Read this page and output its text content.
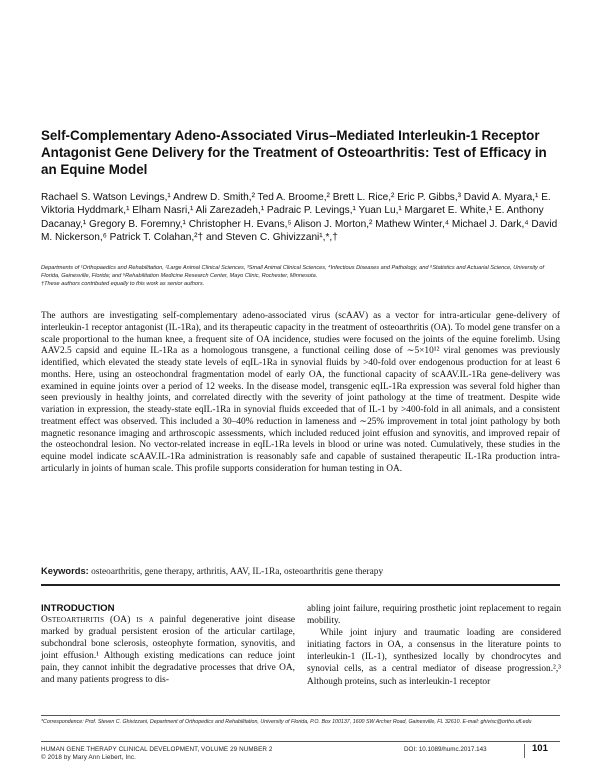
Self-Complementary Adeno-Associated Virus–Mediated Interleukin-1 Receptor Antagonist Gene Delivery for the Treatment of Osteoarthritis: Test of Efficacy in an Equine Model
Rachael S. Watson Levings,¹ Andrew D. Smith,² Ted A. Broome,² Brett L. Rice,² Eric P. Gibbs,³ David A. Myara,¹ E. Viktoria Hyddmark,¹ Elham Nasri,¹ Ali Zarezadeh,¹ Padraic P. Levings,¹ Yuan Lu,¹ Margaret E. White,¹ E. Anthony Dacanay,¹ Gregory B. Foremny,¹ Christopher H. Evans,⁵ Alison J. Morton,² Mathew Winter,⁴ Michael J. Dark,⁴ David M. Nickerson,⁶ Patrick T. Colahan,²† and Steven C. Ghivizzani¹,*,†

Departments of ¹Orthopaedics and Rehabilitation, ²Large Animal Clinical Sciences, ³Small Animal Clinical Sciences, ⁴Infectious Diseases and Pathology, and ⁶Statistics and Actuarial Science, University of Florida, Gainesville, Florida; and ⁵Rehabilitation Medicine Research Center, Mayo Clinic, Rochester, Minnesota.

†These authors contributed equally to this work as senior authors.

The authors are investigating self-complementary adeno-associated virus (scAAV) as a vector for intra-articular gene-delivery of interleukin-1 receptor antagonist (IL-1Ra), and its therapeutic capacity in the treatment of osteoarthritis (OA). To model gene transfer on a scale proportional to the human knee, a frequent site of OA incidence, studies were focused on the joints of the equine forelimb. Using AAV2.5 capsid and equine IL-1Ra as a homologous transgene, a functional ceiling dose of ∼5×10¹² viral genomes was previously identified, which elevated the steady state levels of eqIL-1Ra in synovial fluids by >40-fold over endogenous production for at least 6 months. Here, using an osteochondral fragmentation model of early OA, the functional capacity of scAAV.IL-1Ra gene-delivery was examined in equine joints over a period of 12 weeks. In the disease model, transgenic eqIL-1Ra expression was several fold higher than seen previously in healthy joints, and correlated directly with the severity of joint pathology at the time of treatment. Despite wide variation in expression, the steady-state eqIL-1Ra in synovial fluids exceeded that of IL-1 by >400-fold in all animals, and a consistent treatment effect was observed. This included a 30–40% reduction in lameness and ∼25% improvement in total joint pathology by both magnetic resonance imaging and arthroscopic assessments, which included reduced joint effusion and synovitis, and improved repair of the osteochondral lesion. No vector-related increase in eqIL-1Ra levels in blood or urine was noted. Cumulatively, these studies in the equine model indicate scAAV.IL-1Ra administration is reasonably safe and capable of sustained therapeutic IL-1Ra production intra-articularly in joints of human scale. This profile supports consideration for human testing in OA.

Keywords: osteoarthritis, gene therapy, arthritis, AAV, IL-1Ra, osteoarthritis gene therapy

INTRODUCTION

Osteoarthritis (OA) is a painful degenerative joint disease marked by gradual persistent erosion of the articular cartilage, subchondral bone sclerosis, osteophyte formation, synovitis, and joint effusion.¹ Although existing medications can reduce joint pain, they cannot inhibit the degradative processes that drive OA, and many patients progress to dis-

abling joint failure, requiring prosthetic joint replacement to regain mobility.

While joint injury and traumatic loading are considered initiating factors in OA, a consensus in the literature points to interleukin-1 (IL-1), synthesized locally by chondrocytes and synovial cells, as a central mediator of disease progression.²,³ Although proteins, such as interleukin-1 receptor

*Correspondence: Prof. Steven C. Ghivizzani, Department of Orthopedics and Rehabilitation, University of Florida, P.O. Box 100137, 1600 SW Archer Road, Gainesville, FL 32610. E-mail: ghivisc@ortho.ufl.edu

HUMAN GENE THERAPY CLINICAL DEVELOPMENT, VOLUME 29 NUMBER 2
© 2018 by Mary Ann Liebert, Inc.
DOI: 10.1089/humc.2017.143	101
